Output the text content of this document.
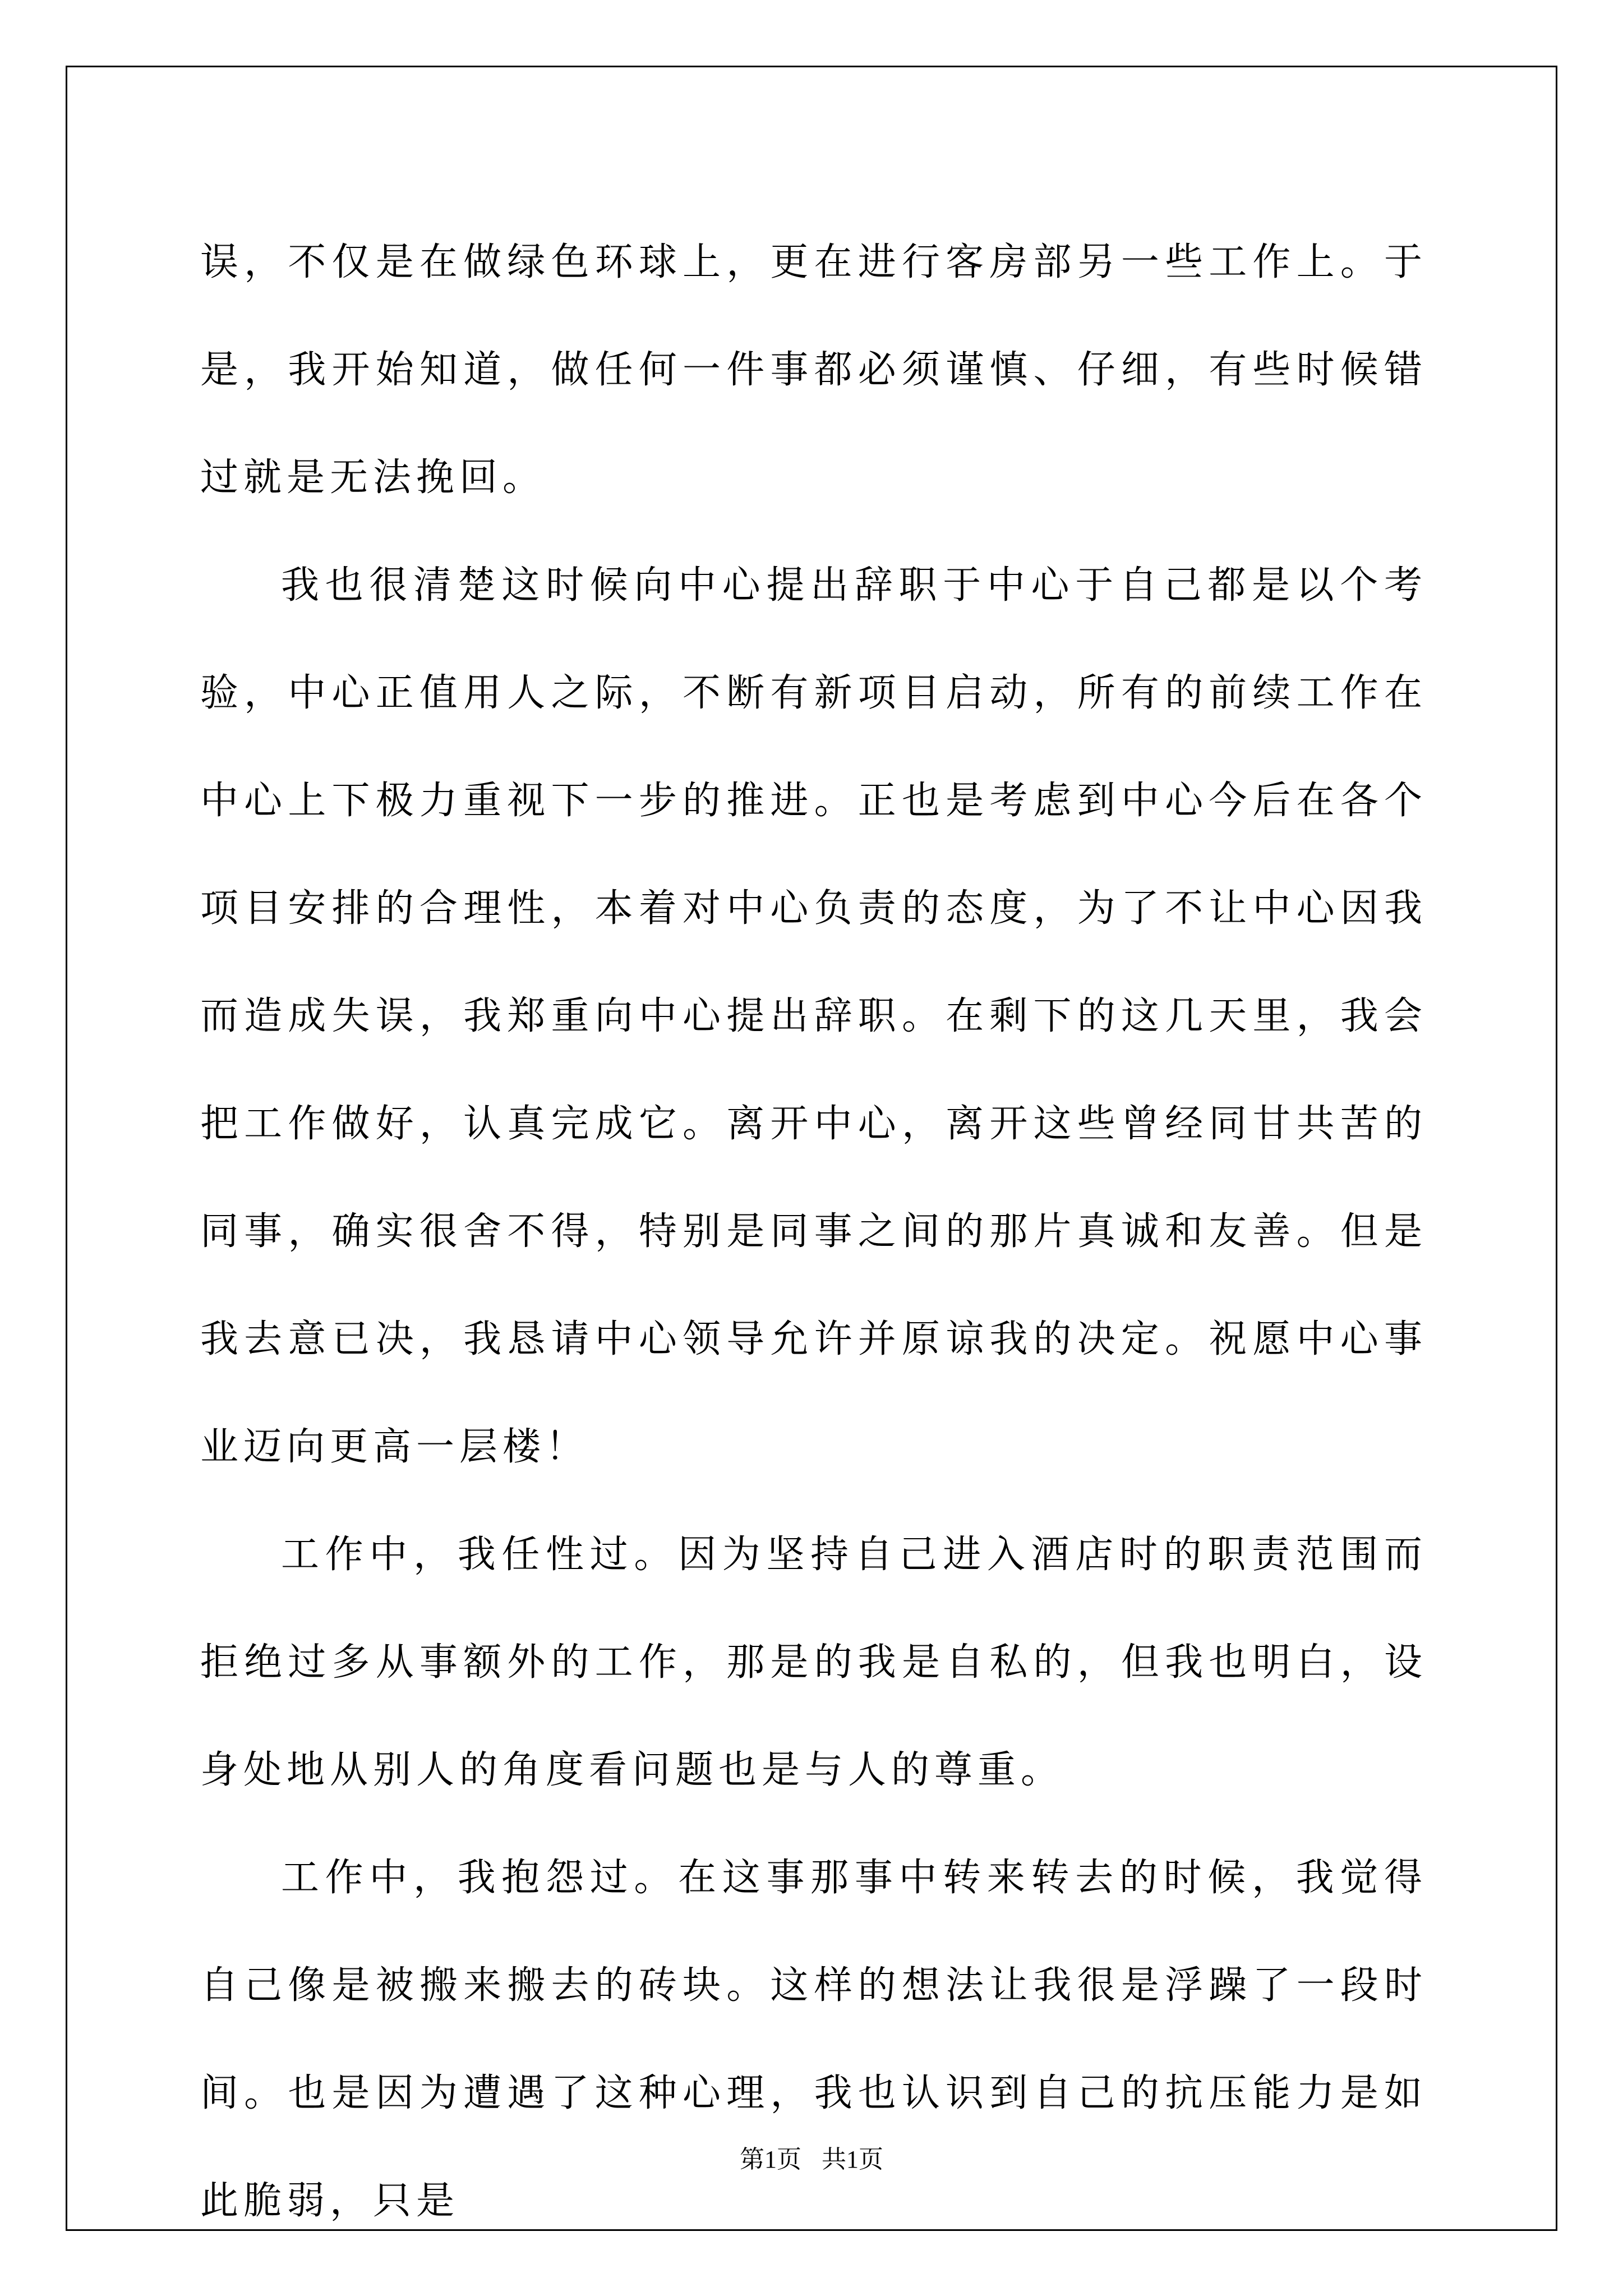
误，不仅是在做绿色环球上，更在进行客房部另一些工作上。于是，我开始知道，做任何一件事都必须谨慎、仔细，有些时候错过就是无法挽回。

我也很清楚这时候向中心提出辞职于中心于自己都是以个考验，中心正值用人之际，不断有新项目启动，所有的前续工作在中心上下极力重视下一步的推进。正也是考虑到中心今后在各个项目安排的合理性，本着对中心负责的态度，为了不让中心因我而造成失误，我郑重向中心提出辞职。在剩下的这几天里，我会把工作做好，认真完成它。离开中心，离开这些曾经同甘共苦的同事，确实很舍不得，特别是同事之间的那片真诚和友善。但是我去意已决，我恳请中心领导允许并原谅我的决定。祝愿中心事业迈向更高一层楼！

工作中，我任性过。因为坚持自己进入酒店时的职责范围而拒绝过多从事额外的工作，那是的我是自私的，但我也明白，设身处地从别人的角度看问题也是与人的尊重。

工作中，我抱怨过。在这事那事中转来转去的时候，我觉得自己像是被搬来搬去的砖块。这样的想法让我很是浮躁了一段时间。也是因为遭遇了这种心理，我也认识到自己的抗压能力是如此脆弱，只是

第1页 共1页
